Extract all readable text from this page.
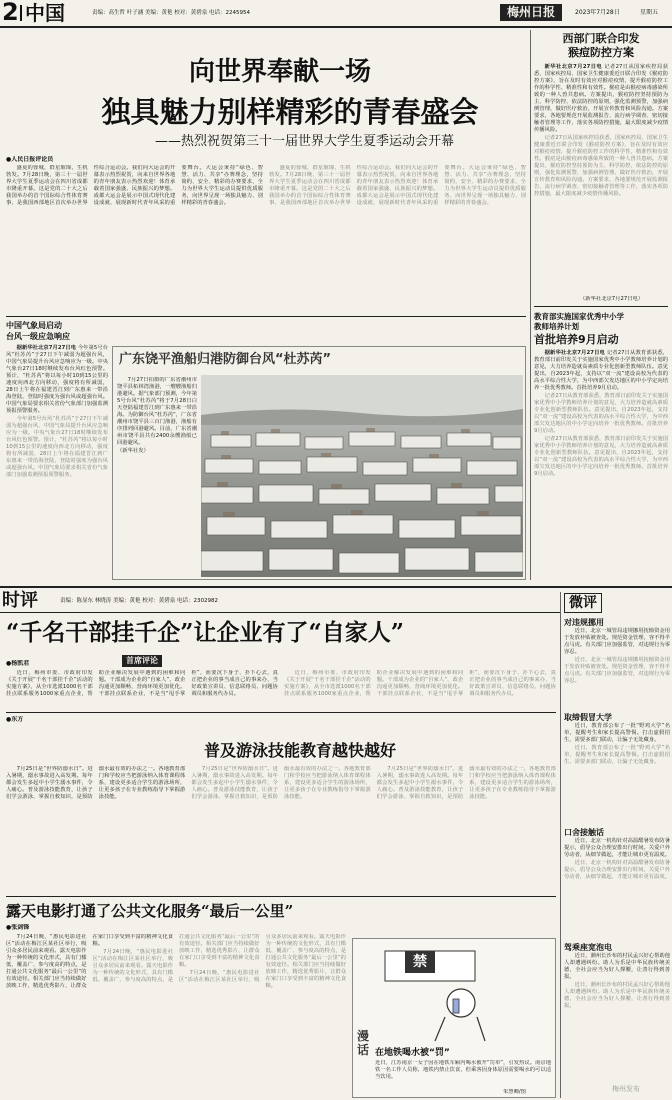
2 中国	责编：高生哲 叶子涵 美编：黄艳 校对：黄碧泉 电话：2245954	梅州日报	2023年7月28日	星期五
向世界奉献一场
独具魅力别样精彩的青春盛会
——热烈祝贺第三十一届世界大学生夏季运动会开幕
●人民日报评论员

盛夏的蓉城，群星璀璨，生机勃发。7月28日晚，第三十一届世界大学生夏季运动会在四川省成都市隆重开幕。这是党的二十大之后我国举办的首个国际综合性体育赛事，是我国西部地区首次举办世界性综合运动会。我们向大运会的开幕表示热烈祝贺，向来自世界各地的青年朋友表示热烈欢迎！体育承载着国家强盛、民族振兴的梦想。成都大运会是展示中国式现代化建设成就、展现新时代青年风采的重要舞台。大运会秉持“绿色、智慧、活力、共享”办赛理念，坚持简约、安全、精彩的办赛要求，全力为世界大学生运动员提供优质服务，向世界呈现一场独具魅力、别样精彩的青春盛会。

盛夏的蓉城，群星璀璨，生机勃发。7月28日晚，第三十一届世界大学生夏季运动会在四川省成都市隆重开幕。这是党的二十大之后我国举办的首个国际综合性体育赛事，是我国西部地区首次举办世界性综合运动会。我们向大运会的开幕表示热烈祝贺，向来自世界各地的青年朋友表示热烈欢迎！体育承载着国家强盛、民族振兴的梦想。成都大运会是展示中国式现代化建设成就、展现新时代青年风采的重要舞台。大运会秉持“绿色、智慧、活力、共享”办赛理念，坚持简约、安全、精彩的办赛要求，全力为世界大学生运动员提供优质服务，向世界呈现一场独具魅力、别样精彩的青春盛会。

西部门联合印发
猴痘防控方案

新华社北京7月27日电 记者27日从国家疾控局获悉，国家疾控局、国家卫生健康委近日联合印发《猴痘防控方案》，旨在及时有效应对猴痘疫情，提升猴痘防控工作的科学性、精准性和有效性。猴痘是由猴痘病毒感染所致的一种人兽共患病。方案提出，猴痘防控坚持预防为主、科学防控、依法防控的原则，强化监测预警，加强病例管理，做好医疗救治，开展宣传教育和风险沟通。方案要求，各地要规范开展监测报告、流行病学调查、密切接触者管理等工作，落实各项防控措施，最大限度减少疫情传播风险。

记者27日从国家疾控局获悉，国家疾控局、国家卫生健康委近日联合印发《猴痘防控方案》，旨在及时有效应对猴痘疫情，提升猴痘防控工作的科学性、精准性和有效性。猴痘是由猴痘病毒感染所致的一种人兽共患病。方案提出，猴痘防控坚持预防为主、科学防控、依法防控的原则，强化监测预警，加强病例管理，做好医疗救治，开展宣传教育和风险沟通。方案要求，各地要规范开展监测报告、流行病学调查、密切接触者管理等工作，落实各项防控措施，最大限度减少疫情传播风险。

（新华社北京7月27日电）
教育部实施国家优秀中小学
教师培养计划
首批培养9月启动

据新华社北京7月27日电 记者27日从教育部获悉，教育部日前印发关于实施国家优秀中小学教师培养计划的意见，大力培养造就高素质专业化创新型教师队伍。意见提出，自2023年起，支持以“双一流”建设高校为代表的高水平综合性大学，为中西部欠发达地区的中小学定向培养一批优秀教师。首批培养9月启动。

记者27日从教育部获悉，教育部日前印发关于实施国家优秀中小学教师培养计划的意见，大力培养造就高素质专业化创新型教师队伍。意见提出，自2023年起，支持以“双一流”建设高校为代表的高水平综合性大学，为中西部欠发达地区的中小学定向培养一批优秀教师。首批培养9月启动。

记者27日从教育部获悉，教育部日前印发关于实施国家优秀中小学教师培养计划的意见，大力培养造就高素质专业化创新型教师队伍。意见提出，自2023年起，支持以“双一流”建设高校为代表的高水平综合性大学，为中西部欠发达地区的中小学定向培养一批优秀教师。首批培养9月启动。

中国气象局启动
台风一级应急响应

据新华社北京7月27日电 今年第5号台风“杜苏芮”于27日下午减弱为超强台风，中国气象局提升台风应急响应为一级。中央气象台27日18时继续发布台风红色预警。预计，“杜苏芮”将以每小时10到15公里的速度向西北方向移动，强度将有所减弱，28日上午将在福建晋江到广东惠来一带沿海登陆，登陆时强度为强台风或超强台风。中国气象局要求相关省份气象部门加强监测预报预警服务。

今年第5号台风“杜苏芮”于27日下午减弱为超强台风，中国气象局提升台风应急响应为一级。中央气象台27日18时继续发布台风红色预警。预计，“杜苏芮”将以每小时10到15公里的速度向西北方向移动，强度将有所减弱，28日上午将在福建晋江到广东惠来一带沿海登陆，登陆时强度为强台风或超强台风。中国气象局要求相关省份气象部门加强监测预报预警服务。

广东饶平渔船归港防御台风“杜苏芮”

7月27日拍摄的广东省潮州市饶平县柘林湾渔港，一艘艘渔船归港避风。据气象部门预测，今年第5号台风“杜苏芮”将于7月28日白天登陆福建晋江到广东惠来一带沿海。为防御台风“杜苏芮”，广东省潮州市饶平县三百门渔港，渔船有序排列回港避风。目前，广东省潮州市饶平县共有2400余艘渔船已回港避风。

（新华社发）

时评	责编：陈显东 林晓涛 美编：黄艳 校对：黄碧泉 电话：2302982
“千名干部挂千企”让企业有了“自家人”
●杨凯君	首席评论

近日，梅州市委、市政府印发《关于开展“千名干部挂千企”活动的实施方案》，从全市选派1000名干部挂点联系服务1000家重点企业，帮助企业解决发展中遇到的困难和问题。干部成为企业的“自家人”，政企沟通更加顺畅，营商环境更加优化。干部挂点联系企业，不是当“甩手掌柜”，而要沉下身子、扑下心去，真正把企业的事当成自己的事来办，当好政策宣讲员、信息联络员、问题协调员和服务代办员。

近日，梅州市委、市政府印发《关于开展“千名干部挂千企”活动的实施方案》，从全市选派1000名干部挂点联系服务1000家重点企业，帮助企业解决发展中遇到的困难和问题。干部成为企业的“自家人”，政企沟通更加顺畅，营商环境更加优化。干部挂点联系企业，不是当“甩手掌柜”，而要沉下身子、扑下心去，真正把企业的事当成自己的事来办，当好政策宣讲员、信息联络员、问题协调员和服务代办员。

●东方
普及游泳技能教育越快越好

7月25日是“世界防溺水日”。进入暑期，溺水事故进入高发期。每年都会发生多起中小学生溺水事件，令人痛心。普及游泳技能教育，让孩子们学会游泳、掌握自救知识，是预防溺水最有效的办法之一。各地教育部门和学校应当把游泳纳入体育课程体系，建设更多适合学生的游泳场所，让更多孩子在专业教练指导下掌握游泳技能。

7月25日是“世界防溺水日”。进入暑期，溺水事故进入高发期。每年都会发生多起中小学生溺水事件，令人痛心。普及游泳技能教育，让孩子们学会游泳、掌握自救知识，是预防溺水最有效的办法之一。各地教育部门和学校应当把游泳纳入体育课程体系，建设更多适合学生的游泳场所，让更多孩子在专业教练指导下掌握游泳技能。

7月25日是“世界防溺水日”。进入暑期，溺水事故进入高发期。每年都会发生多起中小学生溺水事件，令人痛心。普及游泳技能教育，让孩子们学会游泳、掌握自救知识，是预防溺水最有效的办法之一。各地教育部门和学校应当把游泳纳入体育课程体系，建设更多适合学生的游泳场所，让更多孩子在专业教练指导下掌握游泳技能。

露天电影打通了公共文化服务“最后一公里”
●张剑锋

7月24日晚，“惠民电影进社区”活动在梅江区某社区举行，吸引众多居民前来观看。露天电影作为一种传统的文化形式，具有门槛低、覆盖广、参与度高的特点，是打通公共文化服务“最后一公里”的有效途径。相关部门应当持续做好放映工作，精选优秀影片，让群众在家门口享受到丰富的精神文化食粮。

7月24日晚，“惠民电影进社区”活动在梅江区某社区举行，吸引众多居民前来观看。露天电影作为一种传统的文化形式，具有门槛低、覆盖广、参与度高的特点，是打通公共文化服务“最后一公里”的有效途径。相关部门应当持续做好放映工作，精选优秀影片，让群众在家门口享受到丰富的精神文化食粮。

7月24日晚，“惠民电影进社区”活动在梅江区某社区举行，吸引众多居民前来观看。露天电影作为一种传统的文化形式，具有门槛低、覆盖广、参与度高的特点，是打通公共文化服务“最后一公里”的有效途径。相关部门应当持续做好放映工作，精选优秀影片，让群众在家门口享受到丰富的精神文化食粮。

漫话
禁
在地铁喝水被“罚”
近日，江苏南京一女子因在地铁车厢内喝水被开“罚单”，引发热议。南京地铁一名工作人员称，地铁内禁止饮食，但乘客因身体原因需要喝水的可以适当饮用。
朱慧卿/图
微评
对违规挪用

近日，北京一城管局违规挪用抚恤资金用于发放补贴被查处。规范资金管理，容不得半点马虎。有关部门应加强监管，对违规行为零容忍。

近日，北京一城管局违规挪用抚恤资金用于发放补贴被查处。规范资金管理，容不得半点马虎。有关部门应加强监管，对违规行为零容忍。

取缔假冒大学

近日，教育部公布了一批“野鸡大学”名单，提醒考生和家长提高警惕。打击虚假招生，需要多部门联动，让骗子无处藏身。

近日，教育部公布了一批“野鸡大学”名单，提醒考生和家长提高警惕。打击虚假招生，需要多部门联动，让骗子无处藏身。

口舍接触话

近日，北京一机构针对高温酷暑发布防暑提示，倡导公众合理安排出行时间。关爱户外劳动者，从细节做起，才能让城市更有温度。

近日，北京一机构针对高温酷暑发布防暑提示，倡导公众合理安排出行时间。关爱户外劳动者，从细节做起，才能让城市更有温度。

驾乘座宽泡电

近日，潮州长沙布的村民孟兴好心帮助他人却遭遇纠纷。助人为乐是中华民族传统美德，全社会应当为好人撑腰，让善行得到善报。

近日，潮州长沙布的村民孟兴好心帮助他人却遭遇纠纷。助人为乐是中华民族传统美德，全社会应当为好人撑腰，让善行得到善报。

梅州发布
